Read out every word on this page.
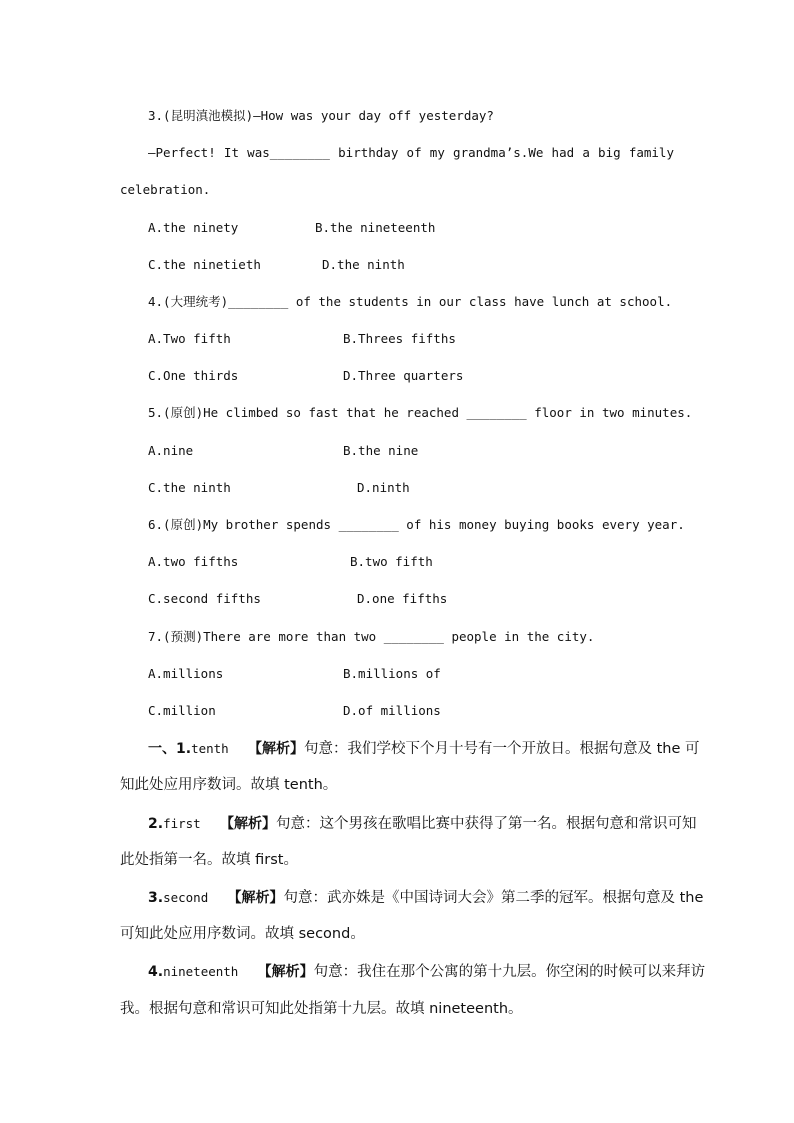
3.(昆明滇池模拟)—How was your day off yesterday?
—Perfect! It was________ birthday of my grandma’s.We had a big family
celebration.
A.the ninety	B.the nineteenth
C.the ninetieth	D.the ninth
4.(大理统考)________ of the students in our class have lunch at school.
A.Two fifth	B.Threes fifths
C.One thirds	D.Three quarters
5.(原创)He climbed so fast that he reached ________ floor in two minutes.
A.nine	B.the nine
C.the ninth	D.ninth
6.(原创)My brother spends ________ of his money buying books every year.
A.two fifths	B.two fifth
C.second fifths	D.one fifths
7.(预测)There are more than two ________ people in the city.
A.millions	B.millions of
C.million	D.of millions
一、1.tenth 【解析】句意：我们学校下个月十号有一个开放日。根据句意及 the 可
知此处应用序数词。故填 tenth。
2.first 【解析】句意：这个男孩在歌唱比赛中获得了第一名。根据句意和常识可知
此处指第一名。故填 first。
3.second 【解析】句意：武亦姝是《中国诗词大会》第二季的冠军。根据句意及 the
可知此处应用序数词。故填 second。
4.nineteenth 【解析】句意：我住在那个公寓的第十九层。你空闲的时候可以来拜访
我。根据句意和常识可知此处指第十九层。故填 nineteenth。
